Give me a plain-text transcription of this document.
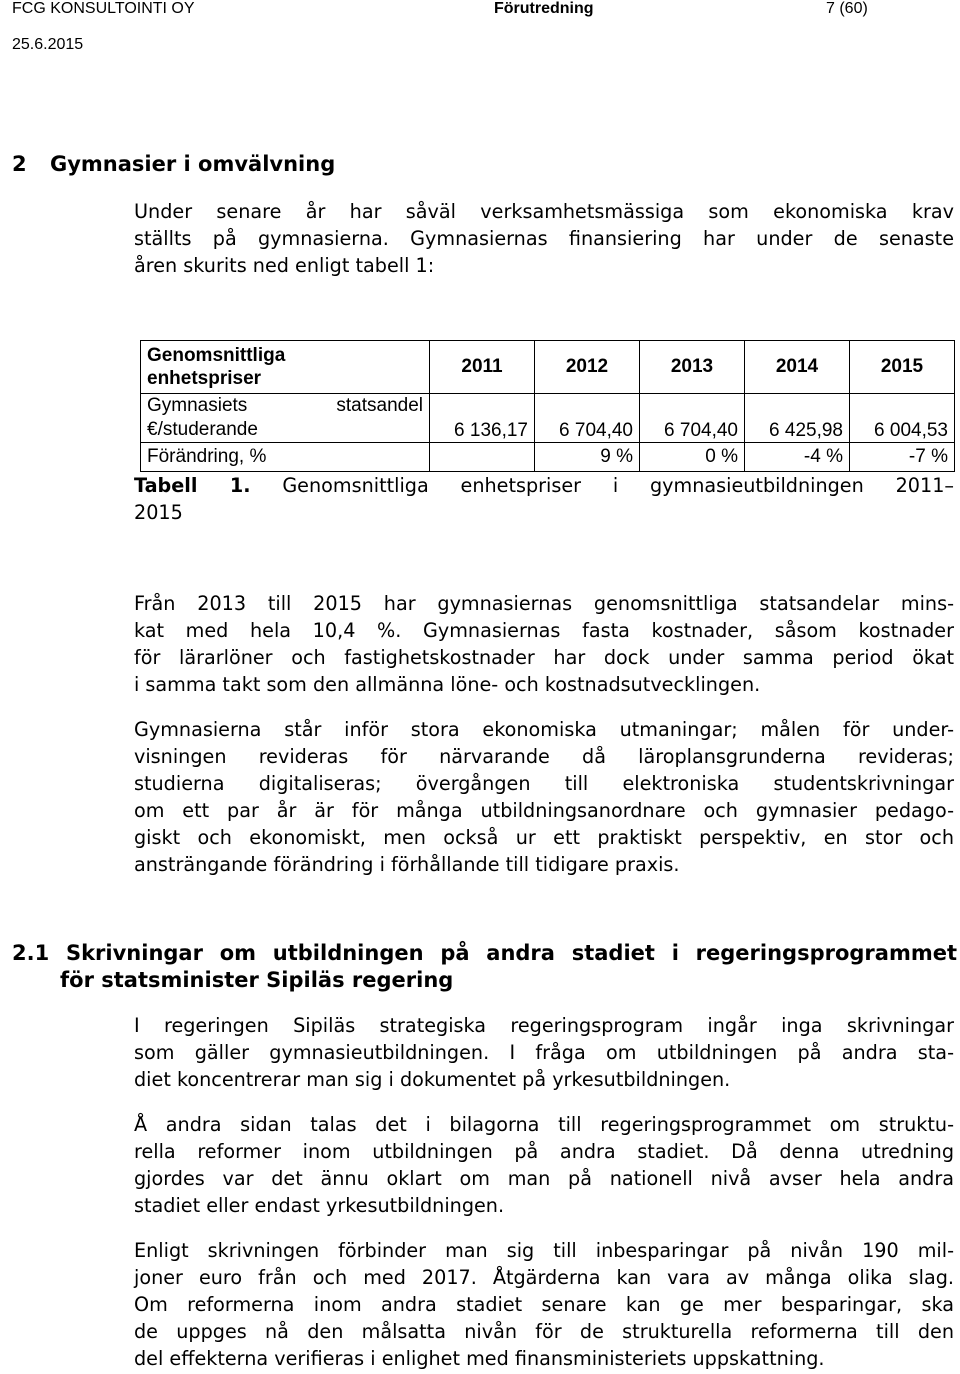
FCG KONSULTOINTI OY	Förutredning	7 (60)
25.6.2015
2 Gymnasier i omvälvning

Under senare år har såväl verksamhetsmässiga som ekonomiska krav
ställts på gymnasierna. Gymnasiernas finansiering har under de senaste
åren skurits ned enligt tabell 1:

Genomsnittliga
enhetspriser	2011	2012	2013	2014	2015

Gymnasiets statsandel
€/studerande	6 136,17	6 704,40	6 704,40	6 425,98	6 004,53
Förändring, %		9 %	0 %	-4 %	-7 %

Tabell 1. Genomsnittliga enhetspriser i gymnasieutbildningen 2011–
2015

Från 2013 till 2015 har gymnasiernas genomsnittliga statsandelar mins-
kat med hela 10,4 %. Gymnasiernas fasta kostnader, såsom kostnader
för lärarlöner och fastighetskostnader har dock under samma period ökat
i samma takt som den allmänna löne- och kostnadsutvecklingen.

Gymnasierna står inför stora ekonomiska utmaningar; målen för under-
visningen revideras för närvarande då läroplansgrunderna revideras;
studierna digitaliseras; övergången till elektroniska studentskrivningar
om ett par år är för många utbildningsanordnare och gymnasier pedago-
giskt och ekonomiskt, men också ur ett praktiskt perspektiv, en stor och
ansträngande förändring i förhållande till tidigare praxis.

2.1 Skrivningar om utbildningen på andra stadiet i regeringsprogrammet
för statsminister Sipiläs regering

I regeringen Sipiläs strategiska regeringsprogram ingår inga skrivningar
som gäller gymnasieutbildningen. I fråga om utbildningen på andra sta-
diet koncentrerar man sig i dokumentet på yrkesutbildningen.

Å andra sidan talas det i bilagorna till regeringsprogrammet om struktu-
rella reformer inom utbildningen på andra stadiet. Då denna utredning
gjordes var det ännu oklart om man på nationell nivå avser hela andra
stadiet eller endast yrkesutbildningen.

Enligt skrivningen förbinder man sig till inbesparingar på nivån 190 mil-
joner euro från och med 2017. Åtgärderna kan vara av många olika slag.
Om reformerna inom andra stadiet senare kan ge mer besparingar, ska
de uppges nå den målsatta nivån för de strukturella reformerna till den
del effekterna verifieras i enlighet med finansministeriets uppskattning.
